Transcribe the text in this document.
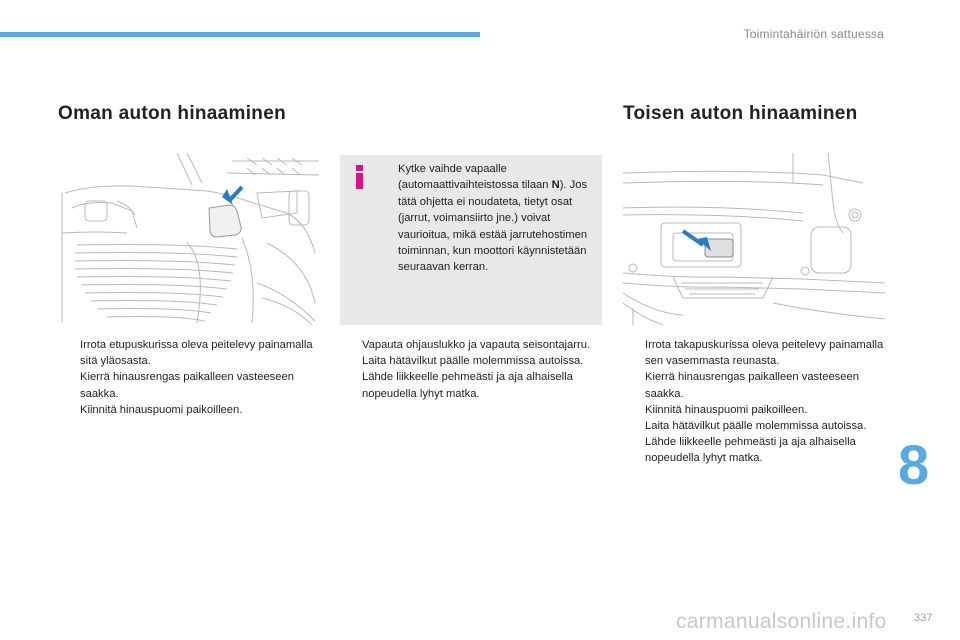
Toimintahäiriön sattuessa
Oman auton hinaaminen	Toisen auton hinaaminen
Kytke vaihde vapaalle (automaattivaihteistossa tilaan N). Jos tätä ohjetta ei noudateta, tietyt osat (jarrut, voimansiirto jne.) voivat vaurioitua, mikä estää jarrutehostimen toiminnan, kun moottori käynnistetään seuraavan kerran.
Irrota etupuskurissa oleva peitelevy painamalla sitä yläosasta.
Kierrä hinausrengas paikalleen vasteeseen saakka.
Kiinnitä hinauspuomi paikoilleen.
Vapauta ohjauslukko ja vapauta seisontajarru.
Laita hätävilkut päälle molemmissa autoissa.
Lähde liikkeelle pehmeästi ja aja alhaisella nopeudella lyhyt matka.
Irrota takapuskurissa oleva peitelevy painamalla sen vasemmasta reunasta.
Kierrä hinausrengas paikalleen vasteeseen saakka.
Kiinnitä hinauspuomi paikoilleen.
Laita hätävilkut päälle molemmissa autoissa.
Lähde liikkeelle pehmeästi ja aja alhaisella nopeudella lyhyt matka.	8
carmanualsonline.info 337
